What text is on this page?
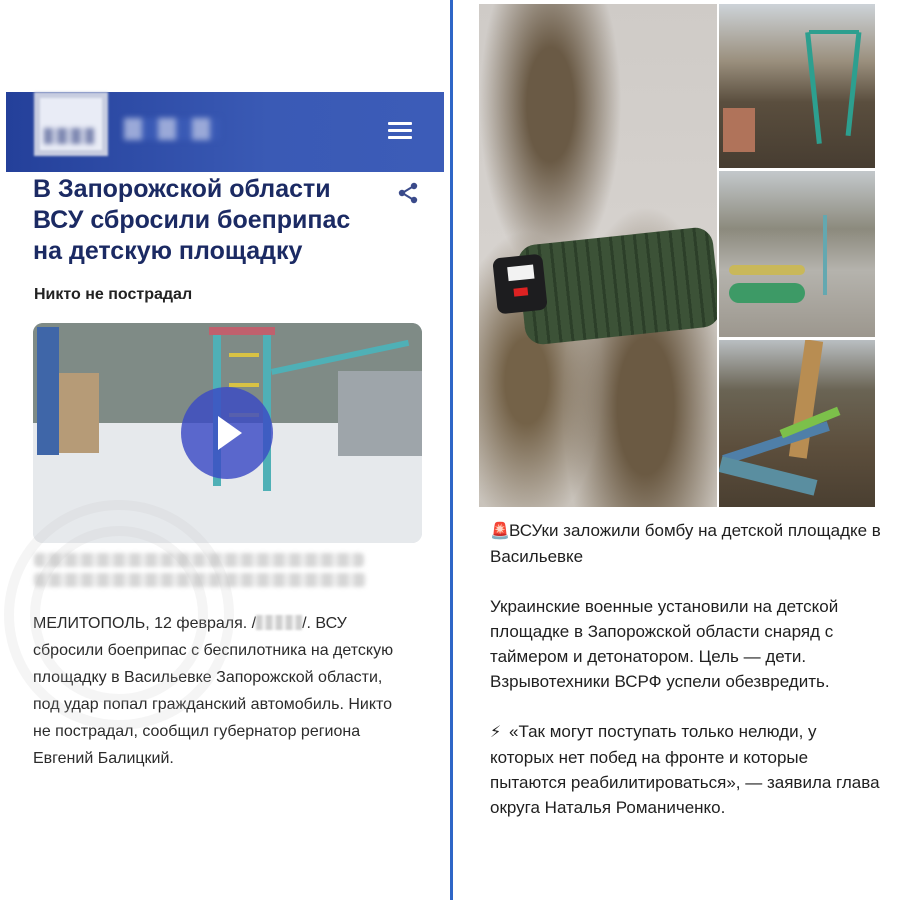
В Запорожской области ВСУ сбросили боеприпас на детскую площадку
Никто не пострадал
МЕЛИТОПОЛЬ, 12 февраля. /	/. ВСУ сбросили боеприпас с беспилотника на детскую площадку в Васильевке Запорожской области, под удар попал гражданский автомобиль. Никто не пострадал, сообщил губернатор региона Евгений Балицкий.

🚨ВСУки заложили бомбу на детской площадке в Васильевке

Украинские военные установили на детской площадке в Запорожской области снаряд с таймером и детонатором. Цель — дети. Взрывотехники ВСРФ успели обезвредить.

⚡ «Так могут поступать только нелюди, у которых нет побед на фронте и которые пытаются реабилитироваться», — заявила глава округа Наталья Романиченко.
